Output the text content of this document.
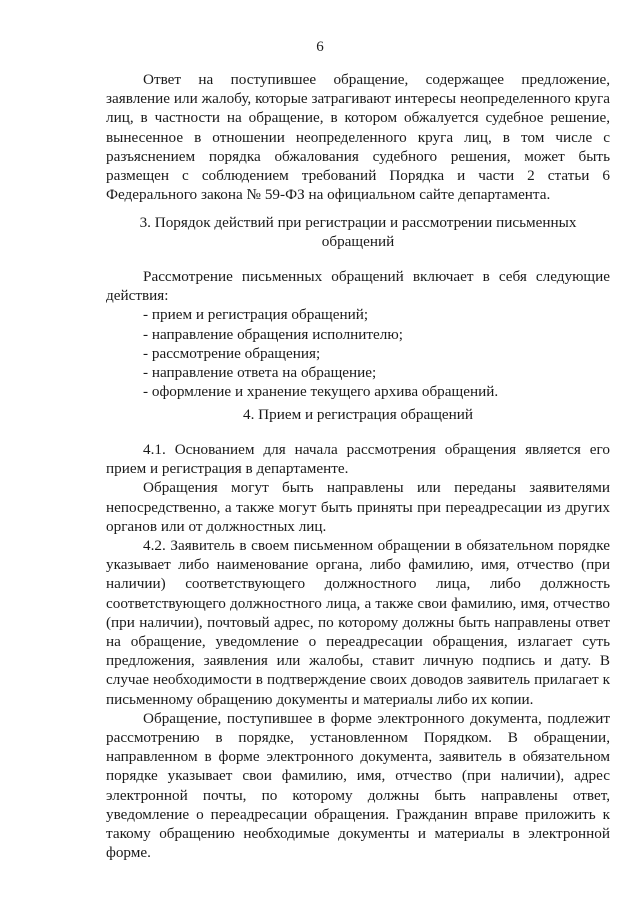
6

Ответ на поступившее обращение, содержащее предложение, заявление или жалобу, которые затрагивают интересы неопределенного круга лиц, в частности на обращение, в котором обжалуется судебное решение, вынесенное в отношении неопределенного круга лиц, в том числе с разъяснением порядка обжалования судебного решения, может быть размещен с соблюдением требований Порядка и части 2 статьи 6 Федерального закона № 59-ФЗ на официальном сайте департамента.

3. Порядок действий при регистрации и рассмотрении письменных

обращений

Рассмотрение письменных обращений включает в себя следующие действия:

- прием и регистрация обращений;

- направление обращения исполнителю;

- рассмотрение обращения;

- направление ответа на обращение;

- оформление и хранение текущего архива обращений.

4. Прием и регистрация обращений

4.1. Основанием для начала рассмотрения обращения является его прием и регистрация в департаменте.

Обращения могут быть направлены или переданы заявителями непосредственно, а также могут быть приняты при переадресации из других органов или от должностных лиц.

4.2. Заявитель в своем письменном обращении в обязательном порядке указывает либо наименование органа, либо фамилию, имя, отчество (при наличии) соответствующего должностного лица, либо должность соответствующего должностного лица, а также свои фамилию, имя, отчество (при наличии), почтовый адрес, по которому должны быть направлены ответ на обращение, уведомление о переадресации обращения, излагает суть предложения, заявления или жалобы, ставит личную подпись и дату. В случае необходимости в подтверждение своих доводов заявитель прилагает к письменному обращению документы и материалы либо их копии.

Обращение, поступившее в форме электронного документа, подлежит рассмотрению в порядке, установленном Порядком. В обращении, направленном в форме электронного документа, заявитель в обязательном порядке указывает свои фамилию, имя, отчество (при наличии), адрес электронной почты, по которому должны быть направлены ответ, уведомление о переадресации обращения. Гражданин вправе приложить к такому обращению необходимые документы и материалы в электронной форме.
